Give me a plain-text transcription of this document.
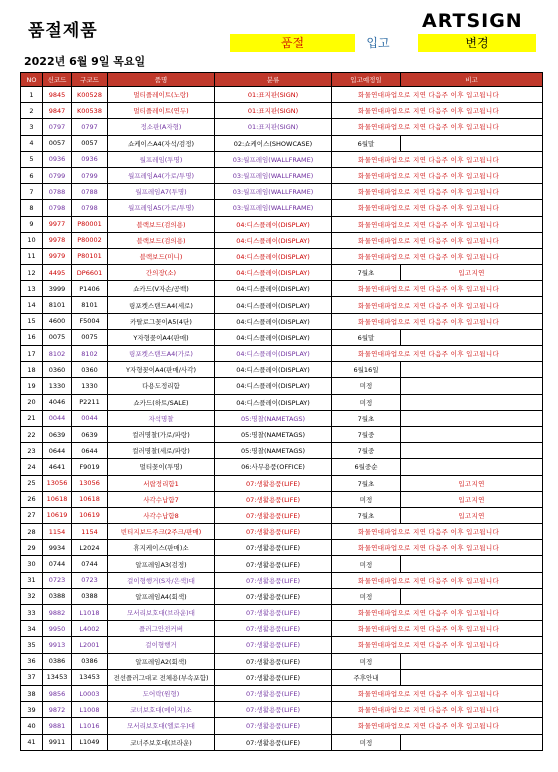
품절제품	ARTSIGN
2022년 6월 9일 목요일
품절	입고	변경
NO	신코드	구코드	품명	분류	입고예정일	비고
1	9845	K00528	멀티플레이트(노랑)	01:표지판(SIGN)	화물연대파업으로 지연 다음주 이후 입고됩니다	
2	9847	K00538	멀티플레이트(연두)	01:표지판(SIGN)	화물연대파업으로 지연 다음주 이후 입고됩니다	
3	0797	0797	정소판(A자형)	01:표지판(SIGN)	화물연대파업으로 지연 다음주 이후 입고됩니다	
4	0057	0057	쇼케이스A4(자석/검정)	02:쇼케이스(SHOWCASE)	6월말	
5	0936	0936	월프레임(투명)	03:월프레임(WALLFRAME)	화물연대파업으로 지연 다음주 이후 입고됩니다	
6	0799	0799	월프레임A4(가로/투명)	03:월프레임(WALLFRAME)	화물연대파업으로 지연 다음주 이후 입고됩니다	
7	0788	0788	월프레임A7(투명)	03:월프레임(WALLFRAME)	화물연대파업으로 지연 다음주 이후 입고됩니다	
8	0798	0798	월프레임A5(가로/투명)	03:월프레임(WALLFRAME)	화물연대파업으로 지연 다음주 이후 입고됩니다	
9	9977	P80001	블랙보드(검의용)	04:디스플레이(DISPLAY)	화물연대파업으로 지연 다음주 이후 입고됩니다	
10	9978	P80002	블랙보드(검의용)	04:디스플레이(DISPLAY)	화물연대파업으로 지연 다음주 이후 입고됩니다	
11	9979	P80101	블랙보드(미니)	04:디스플레이(DISPLAY)	화물연대파업으로 지연 다음주 이후 입고됩니다	
12	4495	DP6601	간의장(소)	04:디스플레이(DISPLAY)	7월초	입고지연
13	3999	P1406	쇼카드(V자손/공백)	04:디스플레이(DISPLAY)	화물연대파업으로 지연 다음주 이후 입고됩니다	
14	8101	8101	링포켓스탠드A4(세로)	04:디스플레이(DISPLAY)	화물연대파업으로 지연 다음주 이후 입고됩니다	
15	4600	F5004	카탈로그꽂이A5(4단)	04:디스플레이(DISPLAY)	화물연대파업으로 지연 다음주 이후 입고됩니다	
16	0075	0075	Y자형꽂이A4(판매)	04:디스플레이(DISPLAY)	6월말	
17	8102	8102	링포켓스탠드A4(가로)	04:디스플레이(DISPLAY)	화물연대파업으로 지연 다음주 이후 입고됩니다	
18	0360	0360	Y자형꽂이A4(판매/사각)	04:디스플레이(DISPLAY)	6월16일	
19	1330	1330	다용도정리함	04:디스플레이(DISPLAY)	미정	
20	4046	P2211	쇼카드(하트/SALE)	04:디스플레이(DISPLAY)	미정	
21	0044	0044	자석명찰	05:명찰(NAMETAGS)	7월초	
22	0639	0639	컬러명찰(가로/파랑)	05:명찰(NAMETAGS)	7월중	
23	0644	0644	컬러명찰(세로/파랑)	05:명찰(NAMETAGS)	7월중	
24	4641	F9019	멀티꽂이(투명)	06:사무용품(OFFICE)	6월중순	
25	13056	13056	서랍정리함1	07:생활용품(LIFE)	7월초	입고지연
26	10618	10618	사각수납함7	07:생활용품(LIFE)	미정	입고지연
27	10619	10619	사각수납함8	07:생활용품(LIFE)	7월초	입고지연
28	1154	1154	빈티지보드주크(2주크/판매)	07:생활용품(LIFE)	화물연대파업으로 지연 다음주 이후 입고됩니다	
29	9934	L2024	휴지케이스(판매)소	07:생활용품(LIFE)	화물연대파업으로 지연 다음주 이후 입고됩니다	
30	0744	0744	알프레임A3(검정)	07:생활용품(LIFE)	미정	
31	0723	0723	걸이형행거(S자/은색)대	07:생활용품(LIFE)	화물연대파업으로 지연 다음주 이후 입고됩니다	
32	0388	0388	알프레임A4(회색)	07:생활용품(LIFE)	미정	
33	9882	L1018	모서리보호대(브라운)대	07:생활용품(LIFE)	화물연대파업으로 지연 다음주 이후 입고됩니다	
34	9950	L4002	플러그안전커버	07:생활용품(LIFE)	화물연대파업으로 지연 다음주 이후 입고됩니다	
35	9913	L2001	걸이형행거	07:생활용품(LIFE)	화물연대파업으로 지연 다음주 이후 입고됩니다	
36	0386	0386	알프레임A2(회색)	07:생활용품(LIFE)	미정	
37	13453	13453	전선플러그대교 전체용(부속포함)	07:생활용품(LIFE)	주후안내	
38	9856	L0003	도어락(원형)	07:생활용품(LIFE)	화물연대파업으로 지연 다음주 이후 입고됩니다	
39	9872	L1008	코너보호대(메이지)소	07:생활용품(LIFE)	화물연대파업으로 지연 다음주 이후 입고됩니다	
40	9881	L1016	모서리보호대(엘로우)대	07:생활용품(LIFE)	화물연대파업으로 지연 다음주 이후 입고됩니다	
41	9911	L1049	코너주보호대(브라운)	07:생활용품(LIFE)	미정	
